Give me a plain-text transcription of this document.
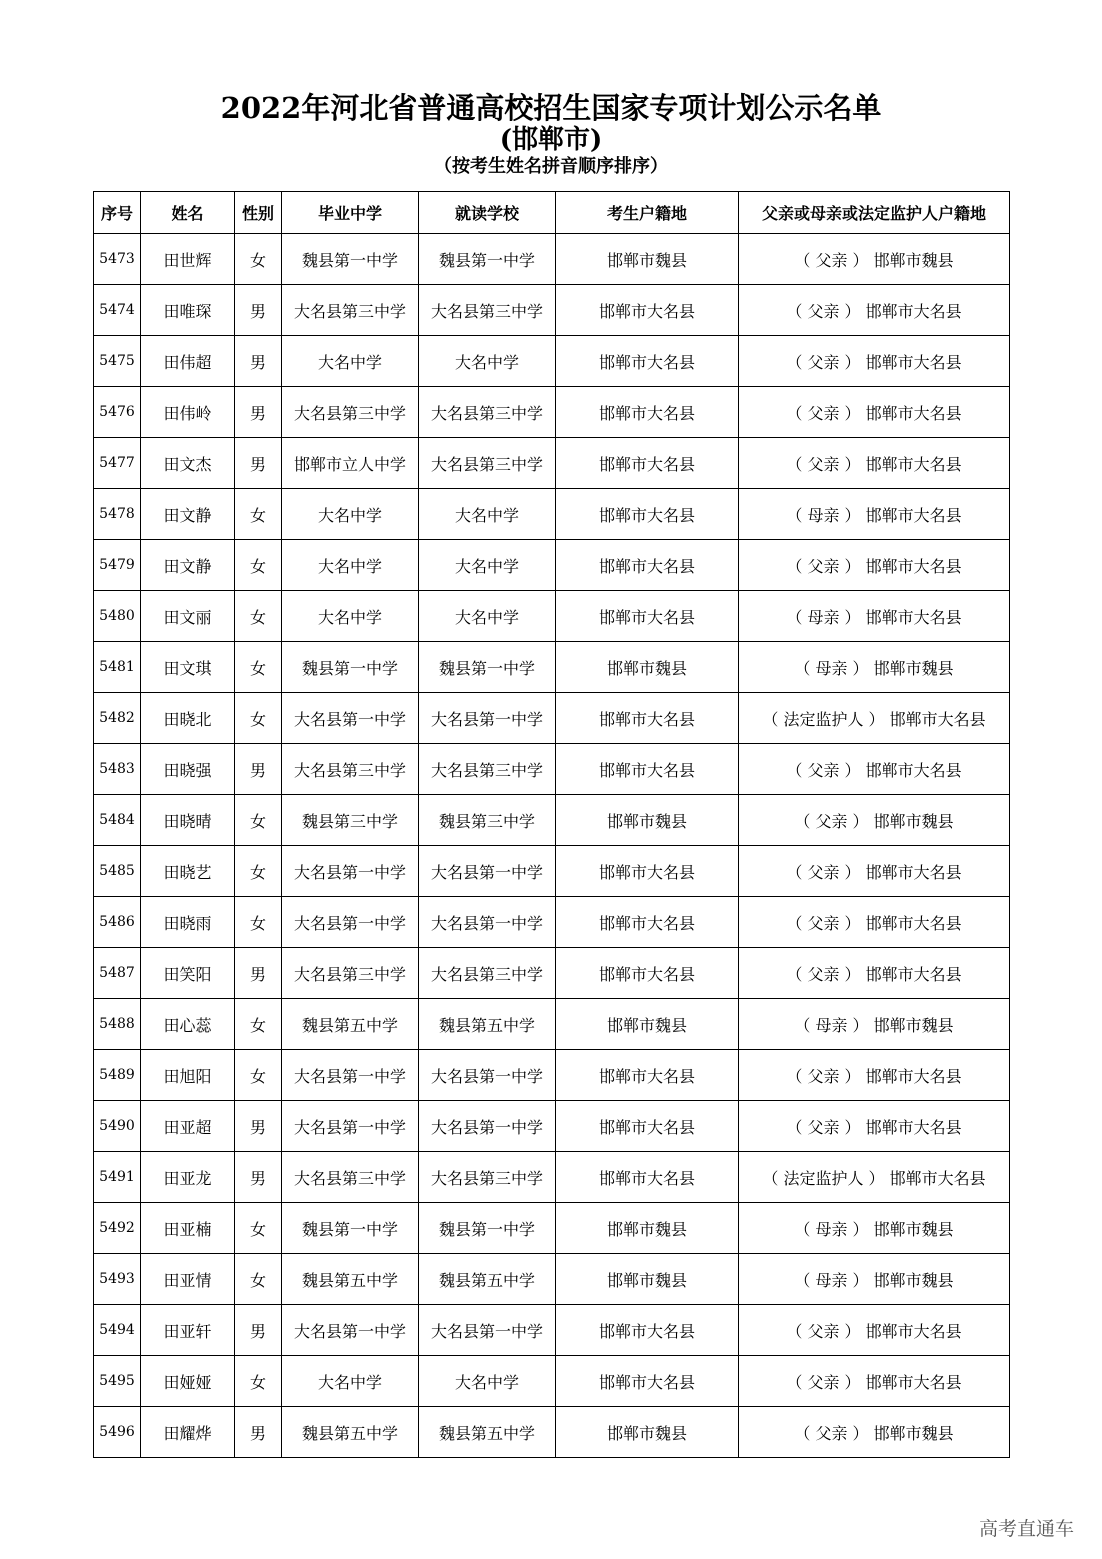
2022年河北省普通高校招生国家专项计划公示名单
(邯郸市)
（按考生姓名拼音顺序排序）
序号	姓名	性别	毕业中学	就读学校	考生户籍地	父亲或母亲或法定监护人户籍地
5473	田世辉	女	魏县第一中学	魏县第一中学	邯郸市魏县	（ 父亲 ） 邯郸市魏县
5474	田唯琛	男	大名县第三中学	大名县第三中学	邯郸市大名县	（ 父亲 ） 邯郸市大名县
5475	田伟超	男	大名中学	大名中学	邯郸市大名县	（ 父亲 ） 邯郸市大名县
5476	田伟岭	男	大名县第三中学	大名县第三中学	邯郸市大名县	（ 父亲 ） 邯郸市大名县
5477	田文杰	男	邯郸市立人中学	大名县第三中学	邯郸市大名县	（ 父亲 ） 邯郸市大名县
5478	田文静	女	大名中学	大名中学	邯郸市大名县	（ 母亲 ） 邯郸市大名县
5479	田文静	女	大名中学	大名中学	邯郸市大名县	（ 父亲 ） 邯郸市大名县
5480	田文丽	女	大名中学	大名中学	邯郸市大名县	（ 母亲 ） 邯郸市大名县
5481	田文琪	女	魏县第一中学	魏县第一中学	邯郸市魏县	（ 母亲 ） 邯郸市魏县
5482	田晓北	女	大名县第一中学	大名县第一中学	邯郸市大名县	（ 法定监护人 ） 邯郸市大名县
5483	田晓强	男	大名县第三中学	大名县第三中学	邯郸市大名县	（ 父亲 ） 邯郸市大名县
5484	田晓晴	女	魏县第三中学	魏县第三中学	邯郸市魏县	（ 父亲 ） 邯郸市魏县
5485	田晓艺	女	大名县第一中学	大名县第一中学	邯郸市大名县	（ 父亲 ） 邯郸市大名县
5486	田晓雨	女	大名县第一中学	大名县第一中学	邯郸市大名县	（ 父亲 ） 邯郸市大名县
5487	田笑阳	男	大名县第三中学	大名县第三中学	邯郸市大名县	（ 父亲 ） 邯郸市大名县
5488	田心蕊	女	魏县第五中学	魏县第五中学	邯郸市魏县	（ 母亲 ） 邯郸市魏县
5489	田旭阳	女	大名县第一中学	大名县第一中学	邯郸市大名县	（ 父亲 ） 邯郸市大名县
5490	田亚超	男	大名县第一中学	大名县第一中学	邯郸市大名县	（ 父亲 ） 邯郸市大名县
5491	田亚龙	男	大名县第三中学	大名县第三中学	邯郸市大名县	（ 法定监护人 ） 邯郸市大名县
5492	田亚楠	女	魏县第一中学	魏县第一中学	邯郸市魏县	（ 母亲 ） 邯郸市魏县
5493	田亚情	女	魏县第五中学	魏县第五中学	邯郸市魏县	（ 母亲 ） 邯郸市魏县
5494	田亚轩	男	大名县第一中学	大名县第一中学	邯郸市大名县	（ 父亲 ） 邯郸市大名县
5495	田娅娅	女	大名中学	大名中学	邯郸市大名县	（ 父亲 ） 邯郸市大名县
5496	田耀烨	男	魏县第五中学	魏县第五中学	邯郸市魏县	（ 父亲 ） 邯郸市魏县
高考直通车
